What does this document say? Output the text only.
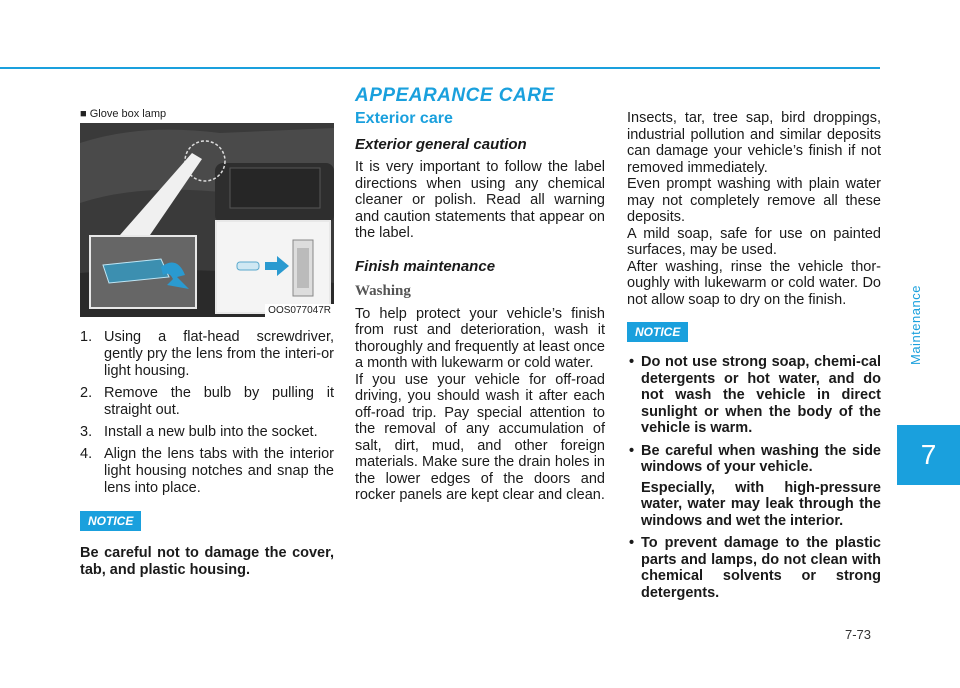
APPEARANCE CARE
Maintenance
7
7-73
■ Glove box lamp
OOS077047R
1. Using a flat-head screwdriver, gently pry the lens from the interi-or light housing.
2. Remove the bulb by pulling it straight out.
3. Install a new bulb into the socket.
4. Align the lens tabs with the interior light housing notches and snap the lens into place.
NOTICE
Be careful not to damage the cover, tab, and plastic housing.
Exterior care
Exterior general caution

It is very important to follow the label directions when using any chemical cleaner or polish. Read all warning and caution statements that appear on the label.

Finish maintenance
Washing

To help protect your vehicle’s finish from rust and deterioration, wash it thoroughly and frequently at least once a month with lukewarm or cold water.

If you use your vehicle for off-road driving, you should wash it after each off-road trip. Pay special attention to the removal of any accumulation of salt, dirt, mud, and other foreign materials. Make sure the drain holes in the lower edges of the doors and rocker panels are kept clear and clean.

Insects, tar, tree sap, bird droppings, industrial pollution and similar deposits can damage your vehicle’s finish if not removed immediately.

Even prompt washing with plain water may not completely remove all these deposits.

A mild soap, safe for use on painted surfaces, may be used.

After washing, rinse the vehicle thor-oughly with lukewarm or cold water. Do not allow soap to dry on the finish.

NOTICE
• Do not use strong soap, chemi-cal detergents or hot water, and do not wash the vehicle in direct sunlight or when the body of the vehicle is warm.
• Be careful when washing the side windows of your vehicle.

Especially, with high-pressure water, water may leak through the windows and wet the interior.

• To prevent damage to the plastic parts and lamps, do not clean with chemical solvents or strong detergents.
